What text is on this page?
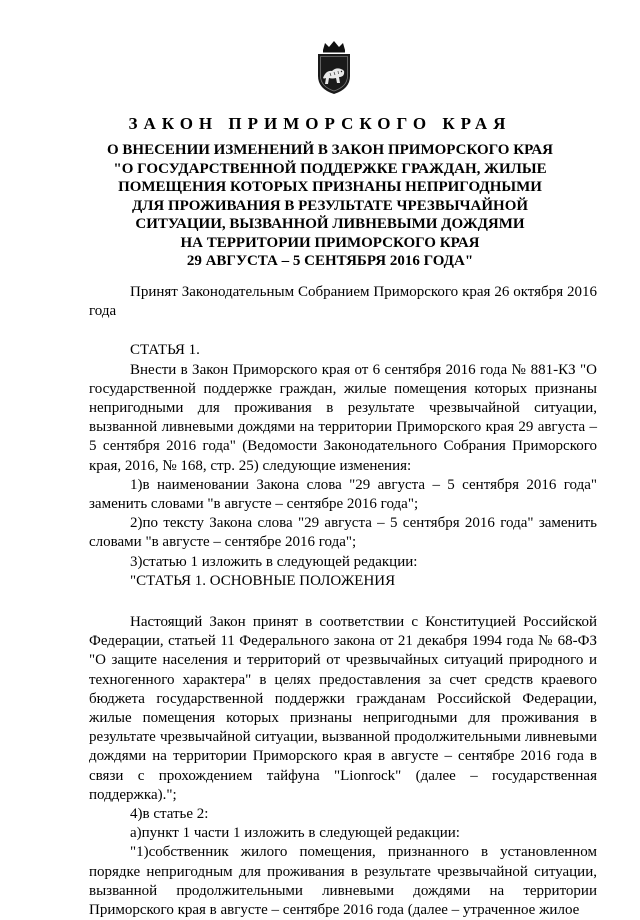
ЗАКОН ПРИМОРСКОГО КРАЯ
О ВНЕСЕНИИ ИЗМЕНЕНИЙ В ЗАКОН ПРИМОРСКОГО КРАЯ
"О ГОСУДАРСТВЕННОЙ ПОДДЕРЖКЕ ГРАЖДАН, ЖИЛЫЕ
ПОМЕЩЕНИЯ КОТОРЫХ ПРИЗНАНЫ НЕПРИГОДНЫМИ
ДЛЯ ПРОЖИВАНИЯ В РЕЗУЛЬТАТЕ ЧРЕЗВЫЧАЙНОЙ
СИТУАЦИИ, ВЫЗВАННОЙ ЛИВНЕВЫМИ ДОЖДЯМИ
НА ТЕРРИТОРИИ ПРИМОРСКОГО КРАЯ
29 АВГУСТА – 5 СЕНТЯБРЯ 2016 ГОДА"

Принят Законодательным Собранием Приморского края 26 октября 2016 года

СТАТЬЯ 1.

Внести в Закон Приморского края от 6 сентября 2016 года № 881-КЗ "О государственной поддержке граждан, жилые помещения которых признаны непригодными для проживания в результате чрезвычайной ситуации, вызванной ливневыми дождями на территории Приморского края 29 августа – 5 сентября 2016 года" (Ведомости Законодательного Собрания Приморского края, 2016, № 168, стр. 25) следующие изменения:

1)в наименовании Закона слова "29 августа – 5 сентября 2016 года" заменить словами "в августе – сентябре 2016 года";

2)по тексту Закона слова "29 августа – 5 сентября 2016 года" заменить словами "в августе – сентябре 2016 года";

3)статью 1 изложить в следующей редакции:

"СТАТЬЯ 1. ОСНОВНЫЕ ПОЛОЖЕНИЯ

Настоящий Закон принят в соответствии с Конституцией Российской Федерации, статьей 11 Федерального закона от 21 декабря 1994 года № 68-ФЗ "О защите населения и территорий от чрезвычайных ситуаций природного и техногенного характера" в целях предоставления за счет средств краевого бюджета государственной поддержки гражданам Российской Федерации, жилые помещения которых признаны непригодными для проживания в результате чрезвычайной ситуации, вызванной продолжительными ливневыми дождями на территории Приморского края в августе – сентябре 2016 года в связи с прохождением тайфуна "Lionrock" (далее – государственная поддержка).";

4)в статье 2:

а)пункт 1 части 1 изложить в следующей редакции:

"1)собственник жилого помещения, признанного в установленном порядке непригодным для проживания в результате чрезвычайной ситуации, вызванной продолжительными ливневыми дождями на территории Приморского края в августе – сентябре 2016 года (далее – утраченное жилое
